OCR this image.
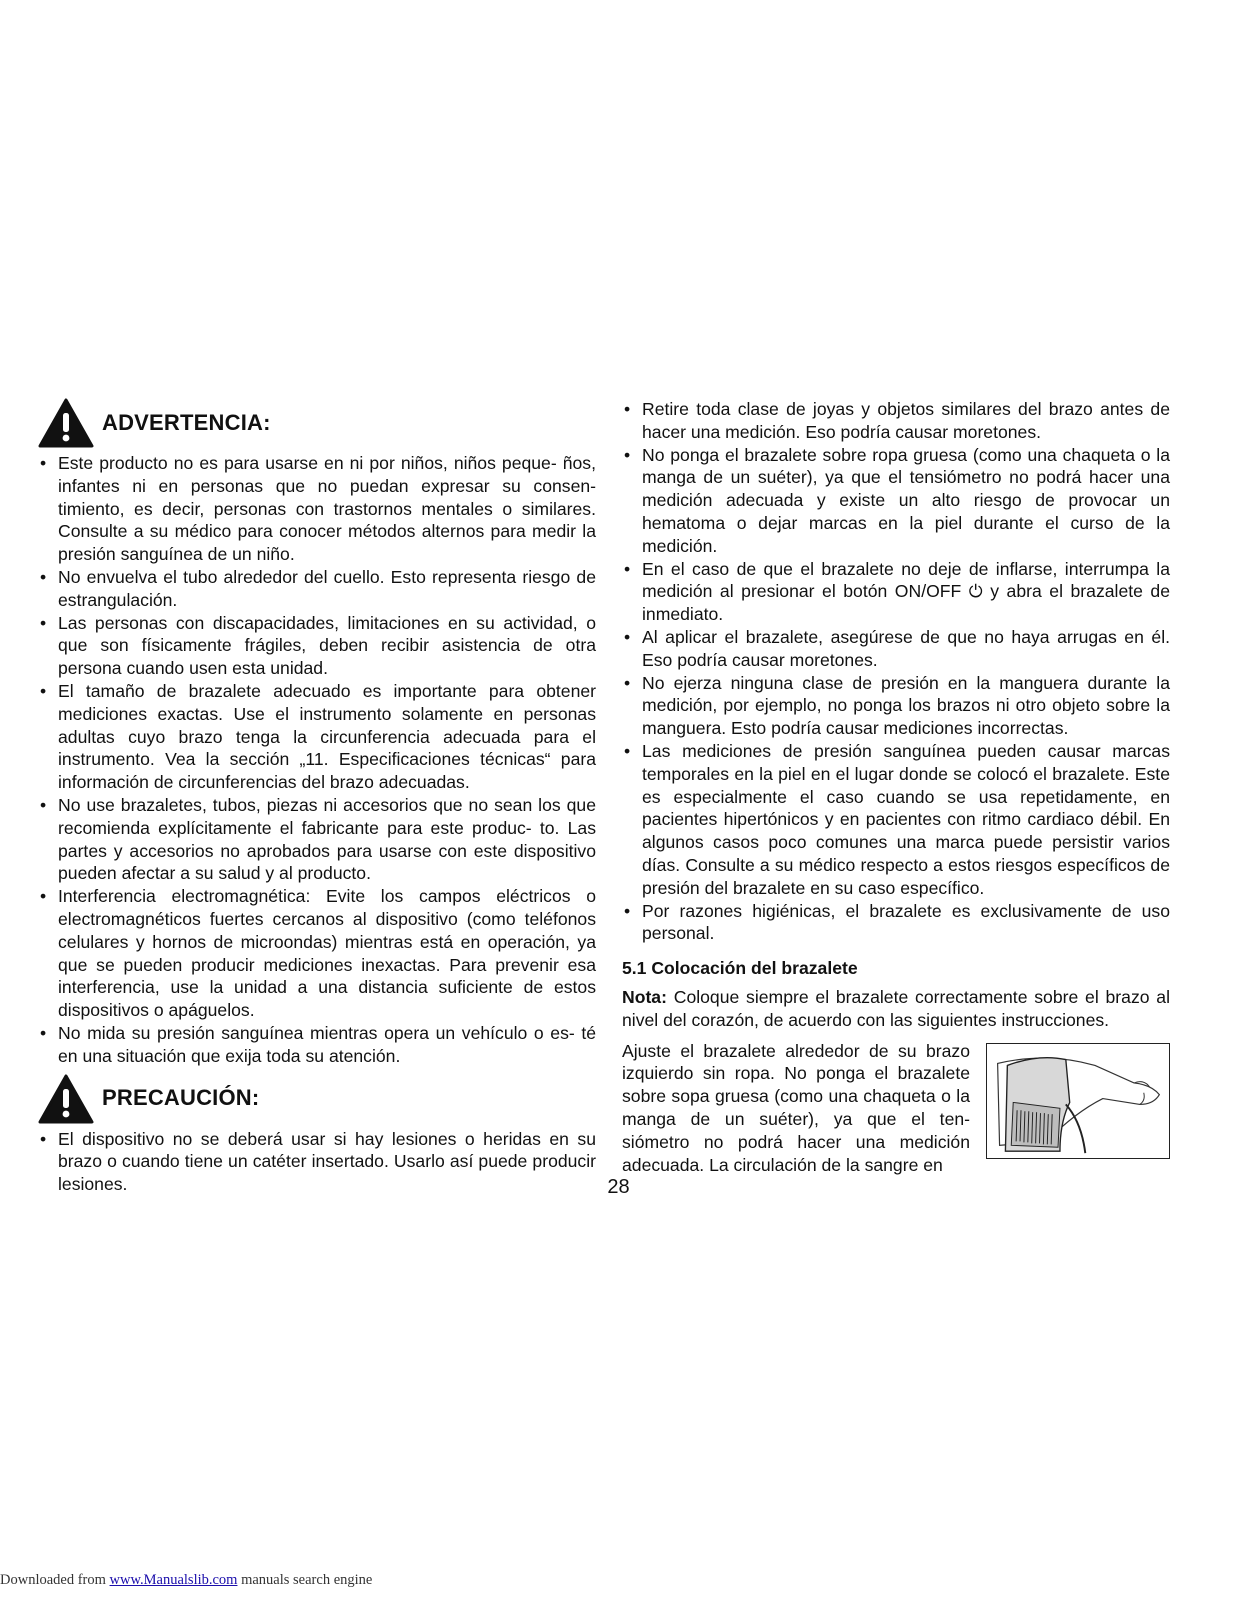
ADVERTENCIA:
• Este producto no es para usarse en ni por niños, niños peque- ños, infantes ni en personas que no puedan expresar su consen- timiento, es decir, personas con trastornos mentales o similares. Consulte a su médico para conocer métodos alternos para medir la presión sanguínea de un niño.
• No envuelva el tubo alrededor del cuello. Esto representa riesgo de estrangulación.
• Las personas con discapacidades, limitaciones en su actividad, o que son físicamente frágiles, deben recibir asistencia de otra persona cuando usen esta unidad.
• El tamaño de brazalete adecuado es importante para obtener mediciones exactas. Use el instrumento solamente en personas adultas cuyo brazo tenga la circunferencia adecuada para el instrumento. Vea la sección „11. Especificaciones técnicas“ para información de circunferencias del brazo adecuadas.
• No use brazaletes, tubos, piezas ni accesorios que no sean los que recomienda explícitamente el fabricante para este produc- to. Las partes y accesorios no aprobados para usarse con este dispositivo pueden afectar a su salud y al producto.
• Interferencia electromagnética: Evite los campos eléctricos o electromagnéticos fuertes cercanos al dispositivo (como teléfonos celulares y hornos de microondas) mientras está en operación, ya que se pueden producir mediciones inexactas. Para prevenir esa interferencia, use la unidad a una distancia suficiente de estos dispositivos o apáguelos.
• No mida su presión sanguínea mientras opera un vehículo o es- té en una situación que exija toda su atención.
PRECAUCIÓN:
• El dispositivo no se deberá usar si hay lesiones o heridas en su brazo o cuando tiene un catéter insertado. Usarlo así puede producir lesiones.
• Retire toda clase de joyas y objetos similares del brazo antes de hacer una medición. Eso podría causar moretones.
• No ponga el brazalete sobre ropa gruesa (como una chaqueta o la manga de un suéter), ya que el tensiómetro no podrá hacer una medición adecuada y existe un alto riesgo de provocar un hematoma o dejar marcas en la piel durante el curso de la medición.
• En el caso de que el brazalete no deje de inflarse, interrumpa la medición al presionar el botón ON/OFF ⏻ y abra el brazalete de inmediato.
• Al aplicar el brazalete, asegúrese de que no haya arrugas en él. Eso podría causar moretones.
• No ejerza ninguna clase de presión en la manguera durante la medición, por ejemplo, no ponga los brazos ni otro objeto sobre la manguera. Esto podría causar mediciones incorrectas.
• Las mediciones de presión sanguínea pueden causar marcas temporales en la piel en el lugar donde se colocó el brazalete. Este es especialmente el caso cuando se usa repetidamente, en pacientes hipertónicos y en pacientes con ritmo cardiaco débil. En algunos casos poco comunes una marca puede persistir varios días. Consulte a su médico respecto a estos riesgos específicos de presión del brazalete en su caso específico.
• Por razones higiénicas, el brazalete es exclusivamente de uso personal.
5.1 Colocación del brazalete
Nota: Coloque siempre el brazalete correctamente sobre el brazo al nivel del corazón, de acuerdo con las siguientes instrucciones.
Ajuste el brazalete alrededor de su brazo izquierdo sin ropa. No ponga el brazalete sobre sopa gruesa (como una chaqueta o la manga de un suéter), ya que el ten- siómetro no podrá hacer una medición adecuada. La circulación de la sangre en
28
Downloaded from www.Manualslib.com manuals search engine
